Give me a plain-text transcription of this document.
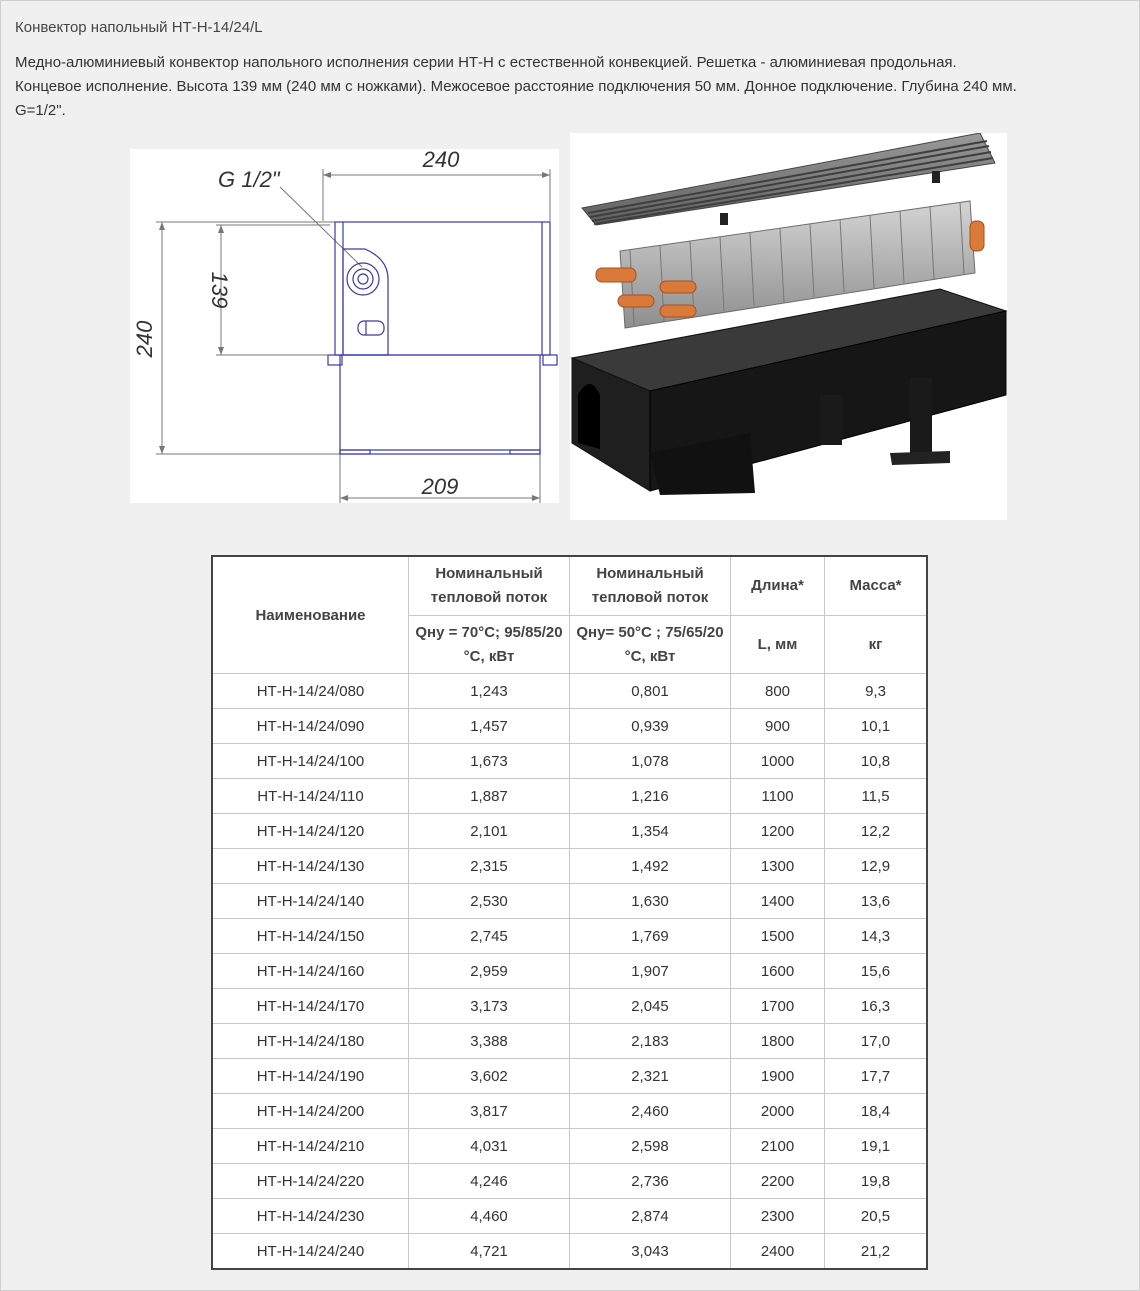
Конвектор напольный НТ-Н-14/24/L
Медно-алюминиевый конвектор напольного исполнения серии НТ-Н с естественной конвекцией. Решетка - алюминиевая продольная.
Концевое исполнение. Высота 139 мм (240 мм с ножками). Межосевое расстояние подключения 50 мм. Донное подключение. Глубина 240 мм.
G=1/2".
240
G 1/2"
240
139
209
Наименование	Номинальный тепловой поток	Номинальный тепловой поток	Длина*	Масса*
	Qну = 70°С; 95/85/20 °С, кВт	Qну= 50°С ; 75/65/20 °С, кВт	L, мм	кг
НТ-Н-14/24/080	1,243	0,801	800	9,3
НТ-Н-14/24/090	1,457	0,939	900	10,1
НТ-Н-14/24/100	1,673	1,078	1000	10,8
НТ-Н-14/24/110	1,887	1,216	1100	11,5
НТ-Н-14/24/120	2,101	1,354	1200	12,2
НТ-Н-14/24/130	2,315	1,492	1300	12,9
НТ-Н-14/24/140	2,530	1,630	1400	13,6
НТ-Н-14/24/150	2,745	1,769	1500	14,3
НТ-Н-14/24/160	2,959	1,907	1600	15,6
НТ-Н-14/24/170	3,173	2,045	1700	16,3
НТ-Н-14/24/180	3,388	2,183	1800	17,0
НТ-Н-14/24/190	3,602	2,321	1900	17,7
НТ-Н-14/24/200	3,817	2,460	2000	18,4
НТ-Н-14/24/210	4,031	2,598	2100	19,1
НТ-Н-14/24/220	4,246	2,736	2200	19,8
НТ-Н-14/24/230	4,460	2,874	2300	20,5
НТ-Н-14/24/240	4,721	3,043	2400	21,2
